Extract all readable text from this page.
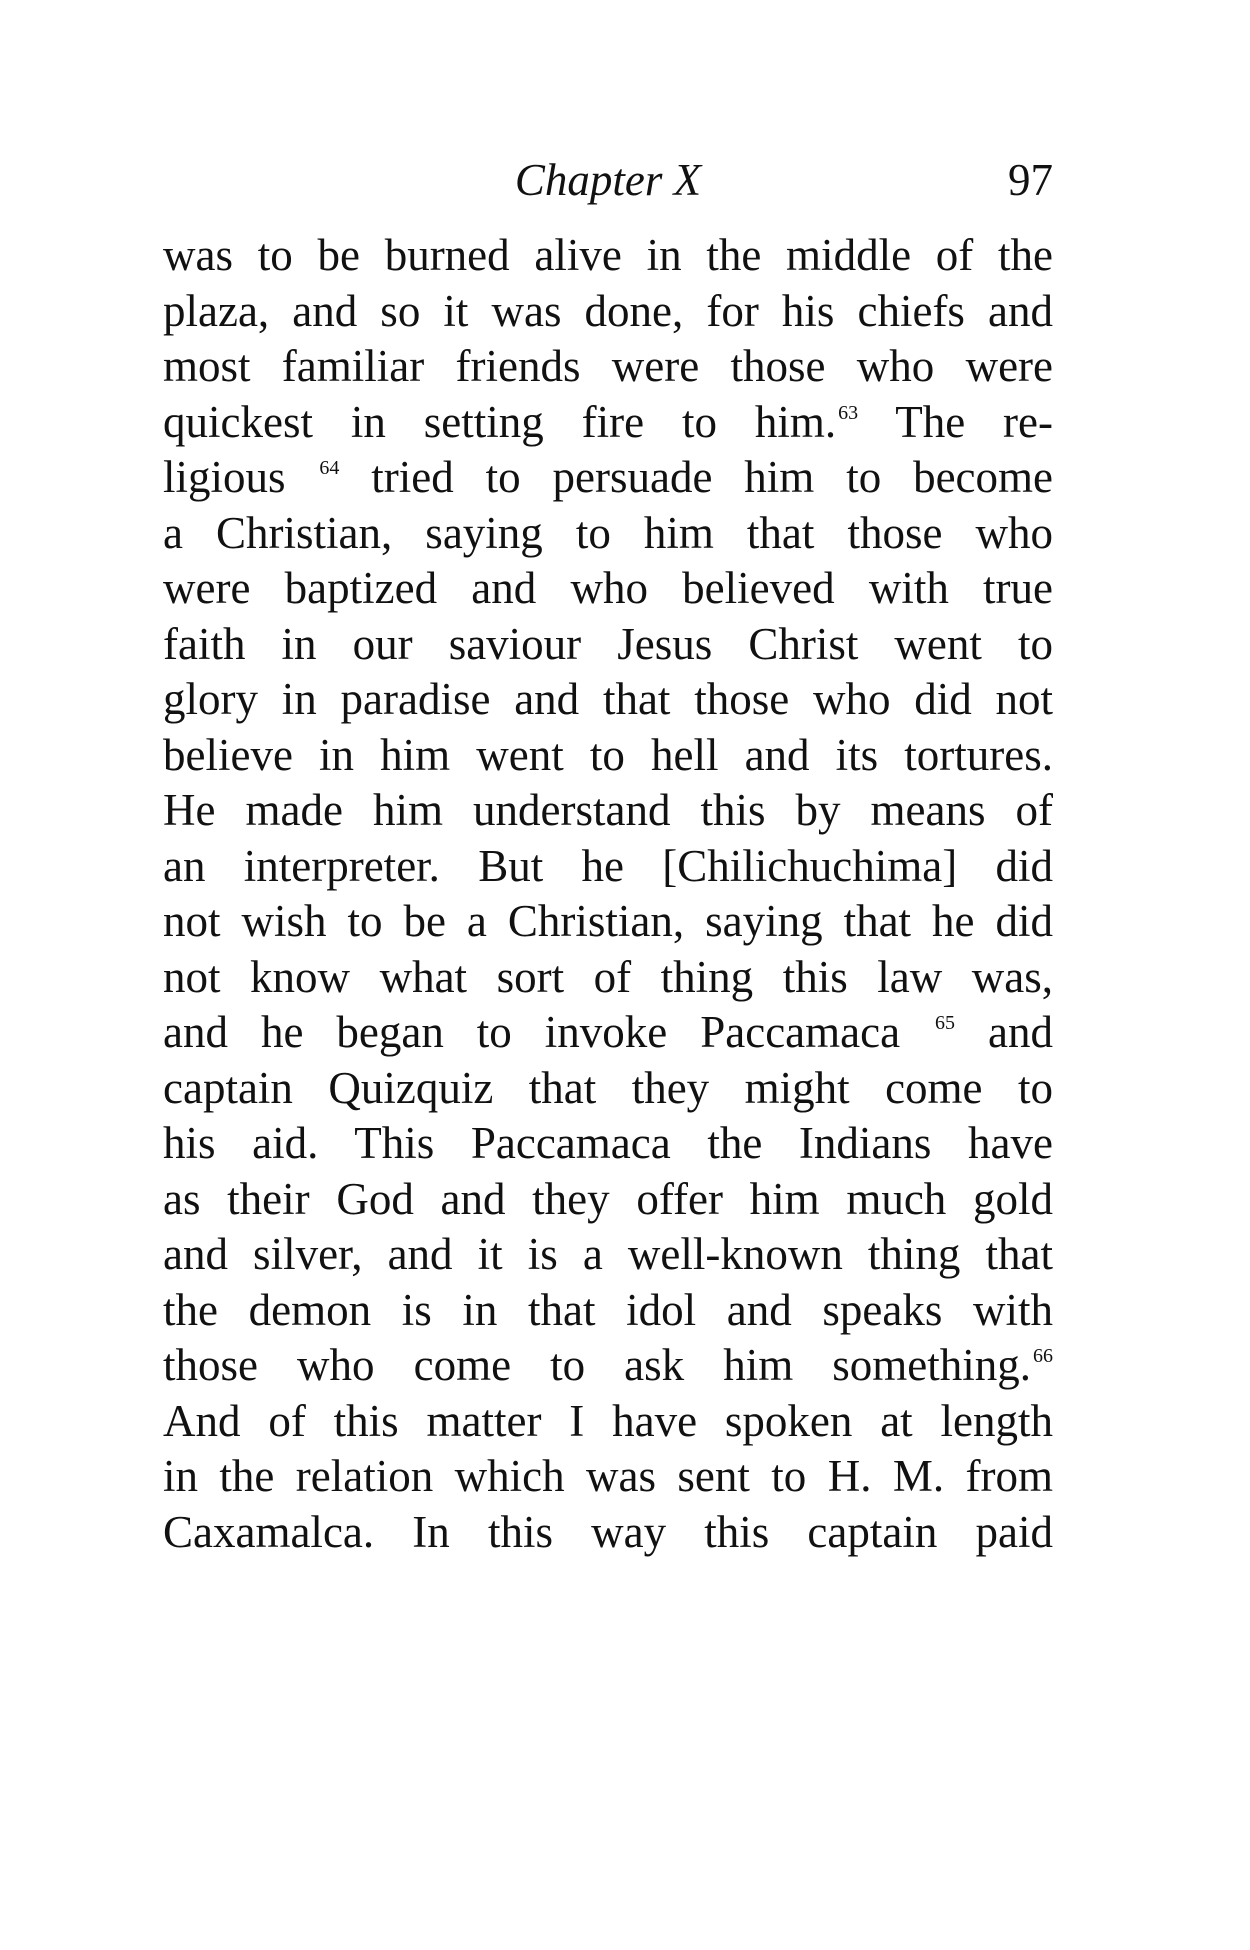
Chapter X	97
was to be burned alive in the middle of the
plaza, and so it was done, for his chiefs and
most familiar friends were those who were
quickest in setting fire to him. $^{63}$ The re-
ligious $^{64}$ tried to persuade him to become
a Christian, saying to him that those who
were baptized and who believed with true
faith in our saviour Jesus Christ went to
glory in paradise and that those who did not
believe in him went to hell and its tortures.
He made him understand this by means of
an interpreter. But he [Chilichuchima] did
not wish to be a Christian, saying that he did
not know what sort of thing this law was,
and he began to invoke Paccamaca $^{65}$ and
captain Quizquiz that they might come to
his aid. This Paccamaca the Indians have
as their God and they offer him much gold
and silver, and it is a well-known thing that
the demon is in that idol and speaks with
those who come to ask him something. $^{66}$
And of this matter I have spoken at length
in the relation which was sent to H. M. from
Caxamalca. In this way this captain paid
